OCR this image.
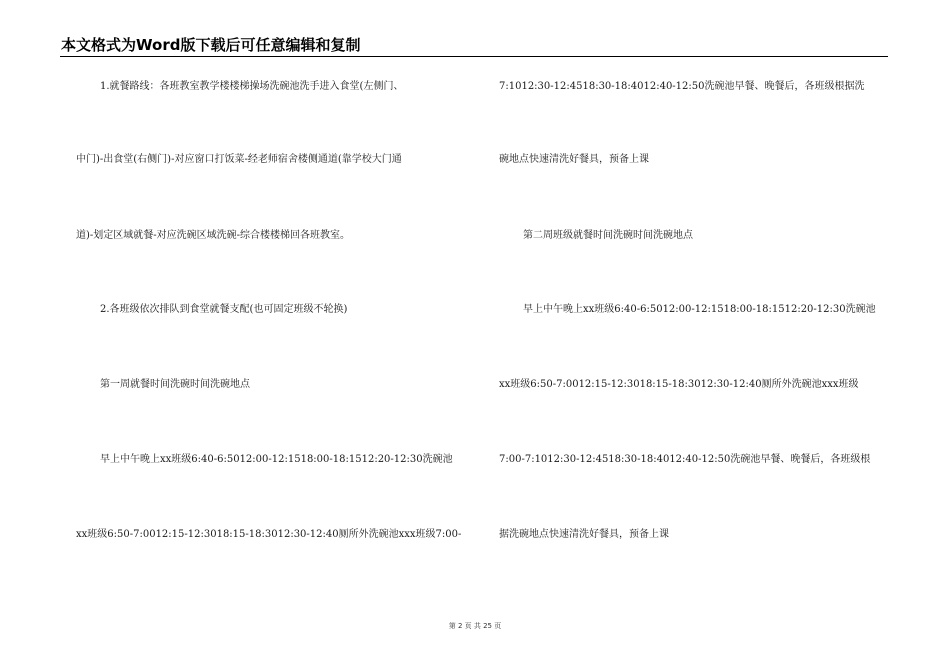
本文格式为Word版下载后可任意编辑和复制
1.就餐路线：各班教室教学楼楼梯操场洗碗池洗手进入食堂(左侧门、
中门)-出食堂(右侧门)-对应窗口打饭菜-经老师宿舍楼侧通道(靠学校大门通
道)-划定区域就餐-对应洗碗区域洗碗-综合楼楼梯回各班教室。
2.各班级依次排队到食堂就餐支配(也可固定班级不轮换)
第一周就餐时间洗碗时间洗碗地点
早上中午晚上xx班级6:40-6:5012:00-12:1518:00-18:1512:20-12:30洗碗池
xx班级6:50-7:0012:15-12:3018:15-18:3012:30-12:40厕所外洗碗池xxx班级7:00-
7:1012:30-12:4518:30-18:4012:40-12:50洗碗池早餐、晚餐后，各班级根据洗
碗地点快速清洗好餐具，预备上课
第二周班级就餐时间洗碗时间洗碗地点
早上中午晚上xx班级6:40-6:5012:00-12:1518:00-18:1512:20-12:30洗碗池
xx班级6:50-7:0012:15-12:3018:15-18:3012:30-12:40厕所外洗碗池xxx班级
7:00-7:1012:30-12:4518:30-18:4012:40-12:50洗碗池早餐、晚餐后，各班级根
据洗碗地点快速清洗好餐具，预备上课
第 2 页 共 25 页
